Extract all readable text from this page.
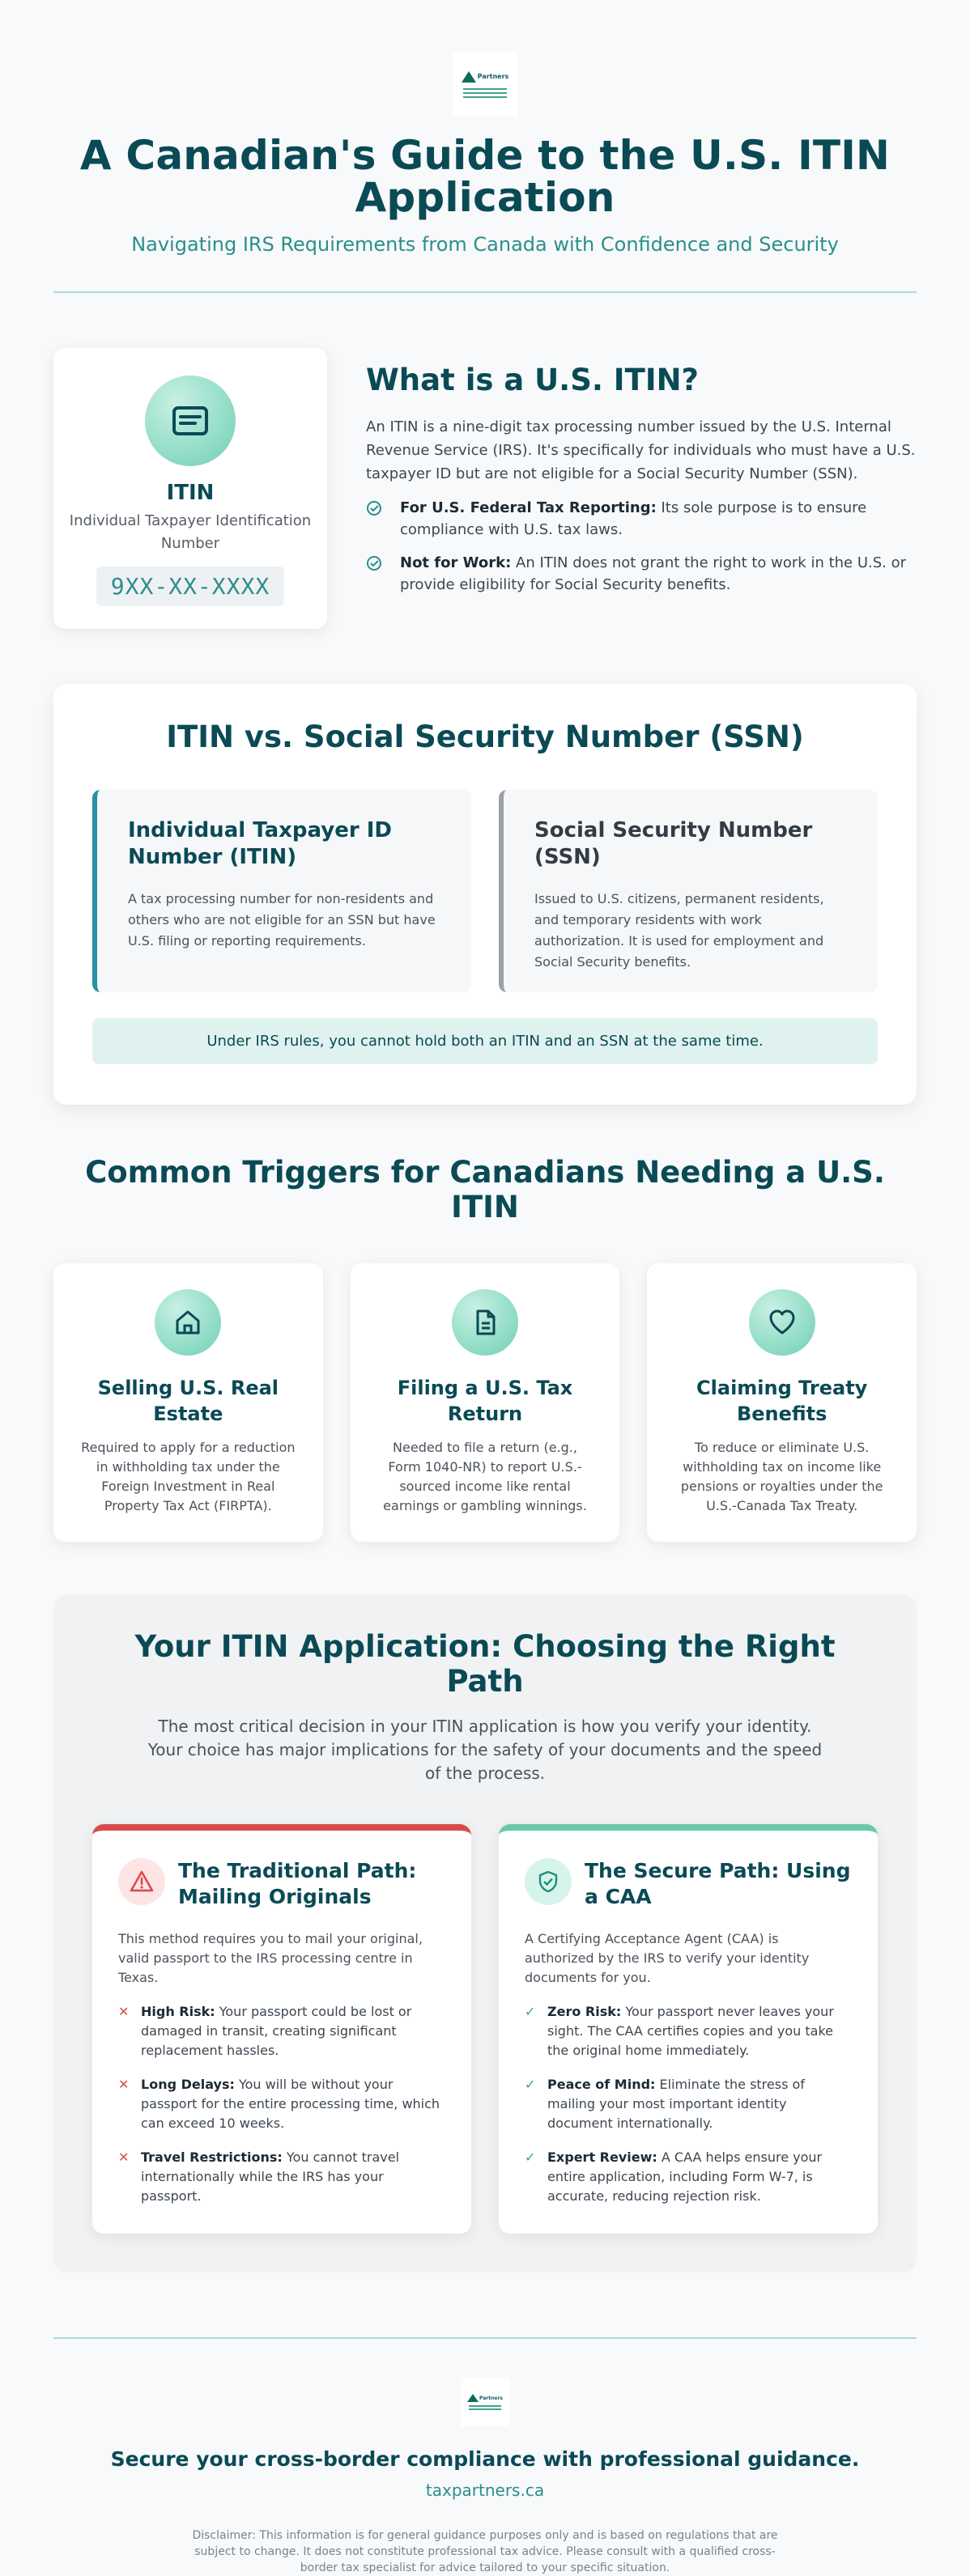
Partners
A Canadian's Guide to the U.S. ITIN Application
Navigating IRS Requirements from Canada with Confidence and Security
ITIN
Individual Taxpayer Identification Number
9XX-XX-XXXX
What is a U.S. ITIN?

An ITIN is a nine-digit tax processing number issued by the U.S. Internal Revenue Service (IRS). It's specifically for individuals who must have a U.S. taxpayer ID but are not eligible for a Social Security Number (SSN).

For U.S. Federal Tax Reporting: Its sole purpose is to ensure compliance with U.S. tax laws.
Not for Work: An ITIN does not grant the right to work in the U.S. or provide eligibility for Social Security benefits.
ITIN vs. Social Security Number (SSN)
Individual Taxpayer ID Number (ITIN)

A tax processing number for non-residents and others who are not eligible for an SSN but have U.S. filing or reporting requirements.

Social Security Number (SSN)

Issued to U.S. citizens, permanent residents, and temporary residents with work authorization. It is used for employment and Social Security benefits.

Under IRS rules, you cannot hold both an ITIN and an SSN at the same time.
Common Triggers for Canadians Needing a U.S. ITIN
Selling U.S. Real Estate

Required to apply for a reduction in withholding tax under the Foreign Investment in Real Property Tax Act (FIRPTA).

Filing a U.S. Tax Return

Needed to file a return (e.g., Form 1040-NR) to report U.S.-sourced income like rental earnings or gambling winnings.

Claiming Treaty Benefits

To reduce or eliminate U.S. withholding tax on income like pensions or royalties under the U.S.-Canada Tax Treaty.

Your ITIN Application: Choosing the Right Path

The most critical decision in your ITIN application is how you verify your identity. Your choice has major implications for the safety of your documents and the speed of the process.

The Traditional Path: Mailing Originals

This method requires you to mail your original, valid passport to the IRS processing centre in Texas.

✕ High Risk: Your passport could be lost or damaged in transit, creating significant replacement hassles.
✕ Long Delays: You will be without your passport for the entire processing time, which can exceed 10 weeks.
✕ Travel Restrictions: You cannot travel internationally while the IRS has your passport.
The Secure Path: Using a CAA

A Certifying Acceptance Agent (CAA) is authorized by the IRS to verify your identity documents for you.

✓ Zero Risk: Your passport never leaves your sight. The CAA certifies copies and you take the original home immediately.
✓ Peace of Mind: Eliminate the stress of mailing your most important identity document internationally.
✓ Expert Review: A CAA helps ensure your entire application, including Form W-7, is accurate, reducing rejection risk.
Partners
Secure your cross-border compliance with professional guidance.
taxpartners.ca

Disclaimer: This information is for general guidance purposes only and is based on regulations that are subject to change. It does not constitute professional tax advice. Please consult with a qualified cross-border tax specialist for advice tailored to your specific situation.
